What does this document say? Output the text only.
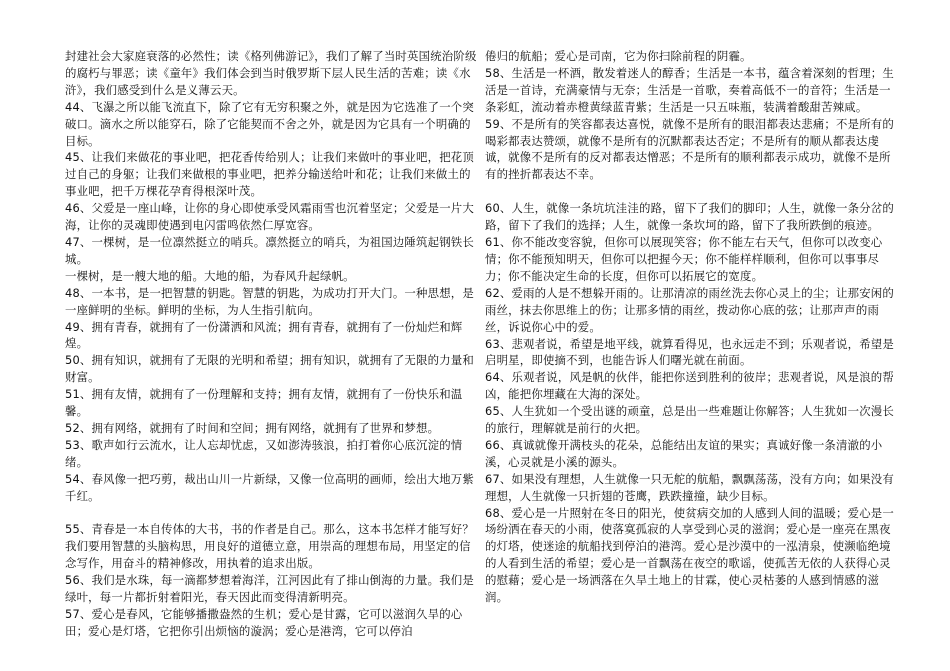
封建社会大家庭衰落的必然性；读《格列佛游记》，我们了解了当时英国统治阶级的腐朽与罪恶；读《童年》我们体会到当时俄罗斯下层人民生活的苦难；读《水浒》，我们感受到什么是义薄云天。

44、飞瀑之所以能飞流直下，除了它有无穷积聚之外，就是因为它选准了一个突破口。滴水之所以能穿石，除了它能契而不舍之外，就是因为它具有一个明确的目标。

45、让我们来做花的事业吧，把花香传给别人；让我们来做叶的事业吧，把花顶过自己的身躯；让我们来做根的事业吧，把养分输送给叶和花；让我们来做土的事业吧，把千万棵花孕育得根深叶茂。

46、父爱是一座山峰，让你的身心即使承受风霜雨雪也沉着坚定；父爱是一片大海，让你的灵魂即使遇到电闪雷鸣依然仁厚宽容。

47、一棵树，是一位凛然挺立的哨兵。凛然挺立的哨兵，为祖国边陲筑起钢铁长城。

一棵树，是一艘大地的船。大地的船，为春风升起绿帆。

48、一本书，是一把智慧的钥匙。智慧的钥匙，为成功打开大门。一种思想，是一座鲜明的坐标。鲜明的坐标，为人生指引航向。

49、拥有青春，就拥有了一份潇洒和风流；拥有青春，就拥有了一份灿烂和辉煌。

50、拥有知识，就拥有了无限的光明和希望；拥有知识，就拥有了无限的力量和财富。

51、拥有友情，就拥有了一份理解和支持；拥有友情，就拥有了一份快乐和温馨。

52、拥有网络，就拥有了时间和空间；拥有网络，就拥有了世界和梦想。

53、歌声如行云流水，让人忘却忧虑，又如澎涛骇浪，拍打着你心底沉淀的情绪。

54、春风像一把巧剪，裁出山川一片新绿，又像一位高明的画师，绘出大地万紫千红。

55、青春是一本自传体的大书，书的作者是自己。那么，这本书怎样才能写好？我们要用智慧的头脑构思，用良好的道德立意，用崇高的理想布局，用坚定的信念写作，用奋斗的精神修改，用执着的追求出版。

56、我们是水珠，每一滴都梦想着海洋，江河因此有了排山倒海的力量。我们是绿叶，每一片都折射着阳光，春天因此而变得清新明亮。

57、爱心是春风，它能够播撒盎然的生机；爱心是甘露，它可以滋润久旱的心田；爱心是灯塔，它把你引出烦恼的漩涡；爱心是港湾，它可以停泊

倦归的航船；爱心是司南，它为你扫除前程的阴霾。

58、生活是一杯酒，散发着迷人的醇香；生活是一本书，蕴含着深刻的哲理；生活是一首诗，充满豪情与无奈；生活是一首歌，奏着高低不一的音符；生活是一条彩虹，流动着赤橙黄绿蓝青紫；生活是一只五味瓶，装满着酸甜苦辣咸。

59、不是所有的笑容都表达喜悦，就像不是所有的眼泪都表达悲痛；不是所有的喝彩都表达赞颂，就像不是所有的沉默都表达否定；不是所有的顺从都表达虔诚，就像不是所有的反对都表达憎恶；不是所有的顺利都表示成功，就像不是所有的挫折都表达不幸。

60、人生，就像一条坑坑洼洼的路，留下了我们的脚印；人生，就像一条分岔的路，留下了我们的选择；人生，就像一条坎坷的路，留下了我所跌倒的痕迹。

61、你不能改变容貌，但你可以展现笑容；你不能左右天气，但你可以改变心情；你不能预知明天，但你可以把握今天；你不能样样顺利，但你可以事事尽力；你不能决定生命的长度，但你可以拓展它的宽度。

62、爱雨的人是不想躲开雨的。让那清凉的雨丝洗去你心灵上的尘；让那安闲的雨丝，抹去你思维上的伤；让那多情的雨丝，拨动你心底的弦；让那声声的雨丝，诉说你心中的爱。

63、悲观者说，希望是地平线，就算看得见，也永远走不到；乐观者说，希望是启明星，即使摘不到，也能告诉人们曙光就在前面。

64、乐观者说，风是帆的伙伴，能把你送到胜利的彼岸；悲观者说，风是浪的帮凶，能把你埋藏在大海的深处。

65、人生犹如一个受出谜的顽童，总是出一些难题让你解答；人生犹如一次漫长的旅行，理解就是前行的火把。

66、真诚就像开满枝头的花朵，总能结出友谊的果实；真诚好像一条清澈的小溪，心灵就是小溪的源头。

67、如果没有理想，人生就像一只无舵的航船，飘飘荡荡，没有方向；如果没有理想，人生就像一只折翅的苍鹰，跌跌撞撞，缺少目标。

68、爱心是一片照射在冬日的阳光，使贫病交加的人感到人间的温暖；爱心是一场纷洒在春天的小雨，使落寞孤寂的人享受到心灵的滋润；爱心是一座亮在黑夜的灯塔，使迷途的航船找到停泊的港湾。爱心是沙漠中的一泓清泉，使濒临绝境的人看到生活的希望；爱心是一首飘荡在夜空的歌谣，使孤苦无依的人获得心灵的慰藉；爱心是一场洒落在久旱土地上的甘霖，使心灵枯萎的人感到情感的滋润。
